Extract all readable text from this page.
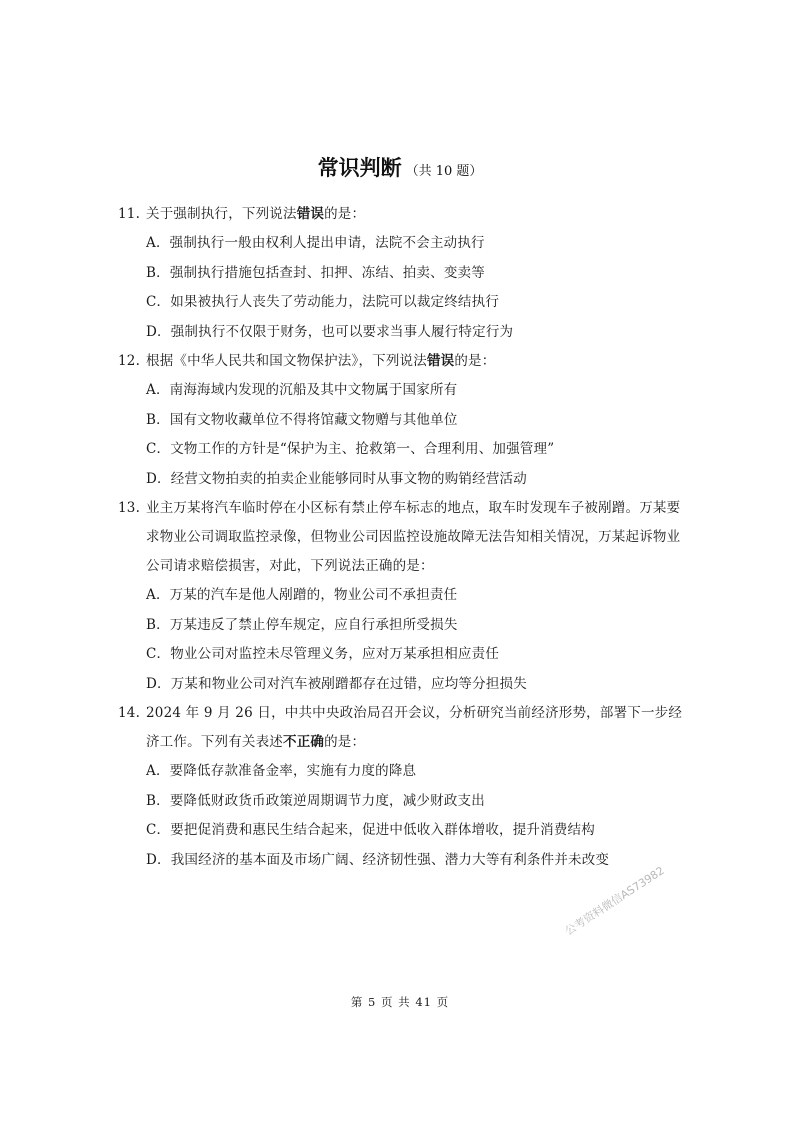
常识判断 （共 10 题）
11. 关于强制执行，下列说法错误的是：
A．强制执行一般由权利人提出申请，法院不会主动执行
B．强制执行措施包括查封、扣押、冻结、拍卖、变卖等
C．如果被执行人丧失了劳动能力，法院可以裁定终结执行
D．强制执行不仅限于财务，也可以要求当事人履行特定行为
12. 根据《中华人民共和国文物保护法》，下列说法错误的是：
A．南海海域内发现的沉船及其中文物属于国家所有
B．国有文物收藏单位不得将馆藏文物赠与其他单位
C．文物工作的方针是“保护为主、抢救第一、合理利用、加强管理”
D．经营文物拍卖的拍卖企业能够同时从事文物的购销经营活动
13. 业主万某将汽车临时停在小区标有禁止停车标志的地点，取车时发现车子被剐蹭。万某要求物业公司调取监控录像，但物业公司因监控设施故障无法告知相关情况，万某起诉物业公司请求赔偿损害，对此，下列说法正确的是：
A．万某的汽车是他人剐蹭的，物业公司不承担责任
B．万某违反了禁止停车规定，应自行承担所受损失
C．物业公司对监控未尽管理义务，应对万某承担相应责任
D．万某和物业公司对汽车被剐蹭都存在过错，应均等分担损失
14. 2024 年 9 月 26 日，中共中央政治局召开会议，分析研究当前经济形势，部署下一步经济工作。下列有关表述不正确的是：
A．要降低存款准备金率，实施有力度的降息
B．要降低财政货币政策逆周期调节力度，减少财政支出
C．要把促消费和惠民生结合起来，促进中低收入群体增收，提升消费结构
D．我国经济的基本面及市场广阔、经济韧性强、潜力大等有利条件并未改变
公考资料微信AS73982
第 5 页 共 41 页
